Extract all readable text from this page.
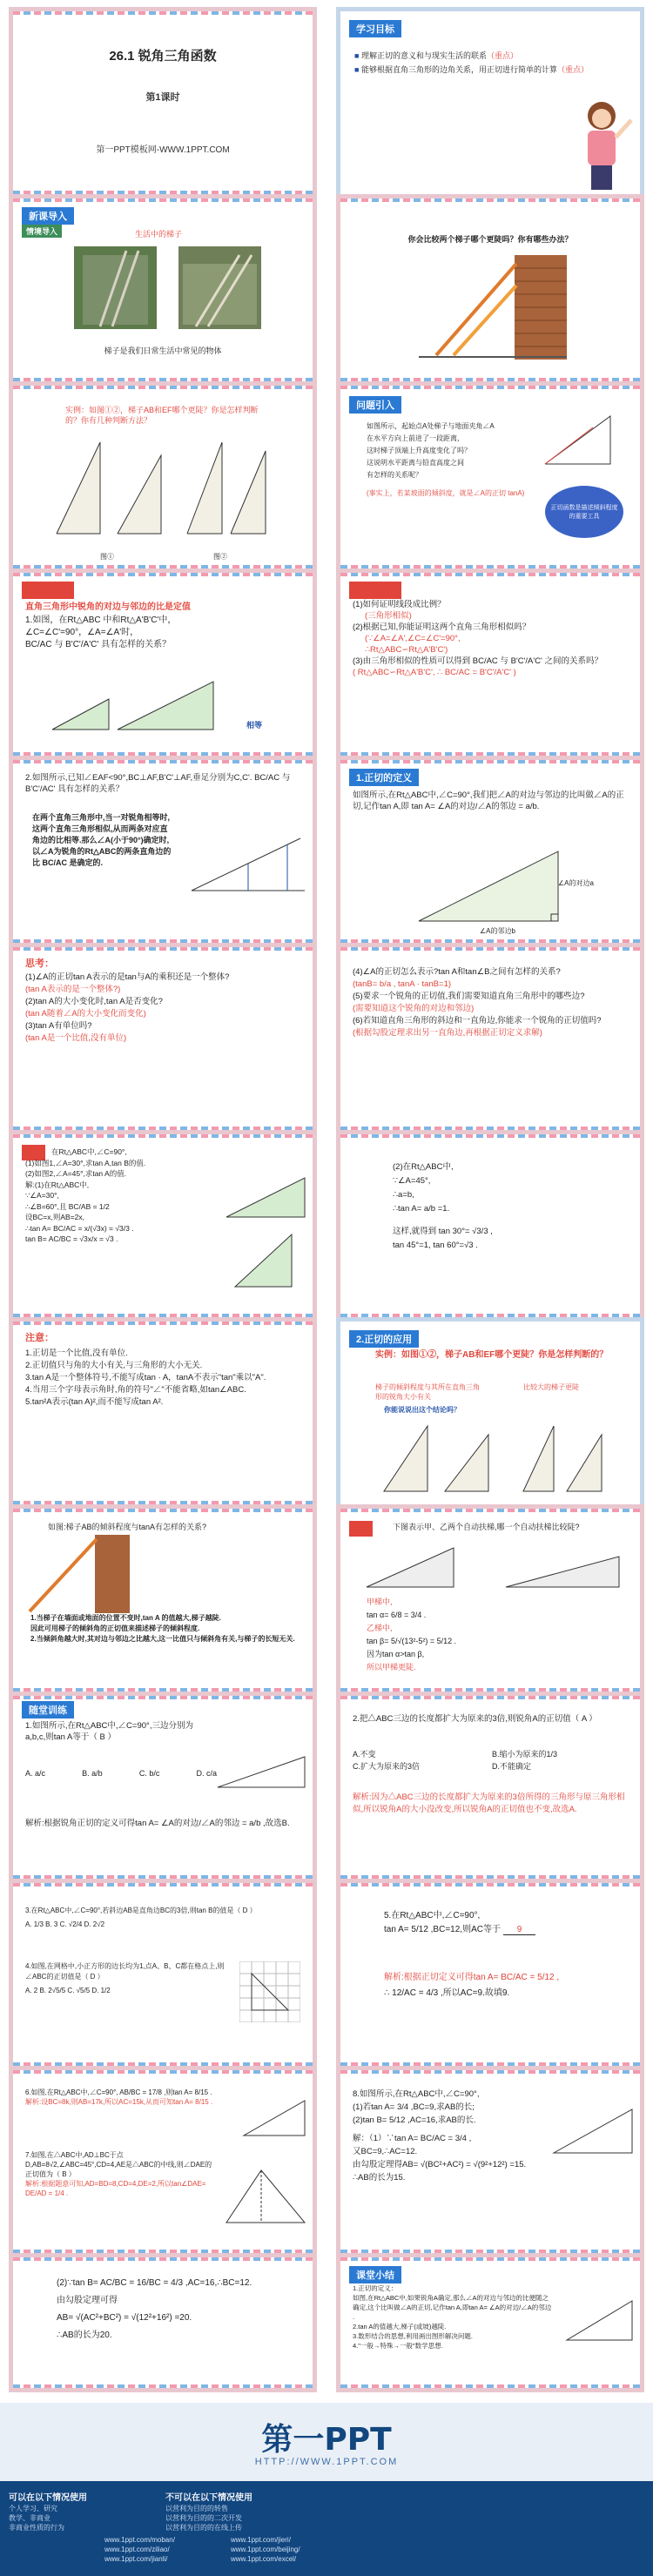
26.1 锐角三角函数
第1课时
第一PPT模板网-WWW.1PPT.COM
学习目标
■ 理解正切的意义和与现实生活的联系（重点）
■ 能够根据直角三角形的边角关系，用正切进行简单的计算（重点）
新课导入
情境导入	生活中的梯子
梯子是我们日常生活中常见的物体
你会比较两个梯子哪个更陡吗？你有哪些办法？
实例：如图①②，梯子AB和EF哪个更陡？你是怎样判断的？你有几种判断方法？
图①	图②
问题引入
如图所示，起始点A处梯子与地面夹角∠A
在水平方向上前进了一段距离，
这时梯子顶端上升高度变化了吗？
这说明水平距离与铅直高度之间
有怎样的关系呢？
(事实上，若某坡面的倾斜度，就是∠A的正切 tanA)
正切函数是描述倾斜程度的重要工具
知识讲解
直角三角形中锐角的对边与邻边的比是定值
1.如图，在Rt△ABC 中和Rt△A'B'C'中，
∠C=∠C'=90°，∠A=∠A'时，
BC/AC 与 B'C'/A'C' 具有怎样的关系？
相等
引导思考
(1)如何证明线段成比例？
(三角形相似)
(2)根据已知,你能证明这两个直角三角形相似吗？
(∵∠A=∠A',∠C=∠C'=90°,
∴Rt△ABC∽Rt△A'B'C')
(3)由三角形相似的性质可以得到 BC/AC 与 B'C'/A'C' 之间的关系吗？
( Rt△ABC∽Rt△A'B'C', ∴ BC/AC = B'C'/A'C' )
2.如图所示,已知∠EAF<90°,BC⊥AF,B'C'⊥AF,垂足分别为C,C'. BC/AC 与 B'C'/AC' 具有怎样的关系？
在两个直角三角形中,当一对锐角相等时,这两个直角三角形相似,从而两条对应直角边的比相等.那么∠A(小于90°)确定时,以∠A为锐角的Rt△ABC的两条直角边的比 BC/AC 是确定的.
1.正切的定义
如图所示,在Rt△ABC中,∠C=90°,我们把∠A的对边与邻边的比叫做∠A的正切,记作tan A,即 tan A= ∠A的对边/∠A的邻边 = a/b.
∠A的对边a
∠A的邻边b
思考：
(1)∠A的正切tan A表示的是tan与A的乘积还是一个整体?
(tan A表示的是一个整体?)
(2)tan A的大小变化时,tan A是否变化?
(tan A随着∠A的大小变化而变化)
(3)tan A有单位吗?
(tan A是一个比值,没有单位)
(4)∠A的正切怎么表示?tan A和tan∠B之间有怎样的关系?
(tanB= b/a , tanA · tanB=1)
(5)要求一个锐角的正切值,我们需要知道直角三角形中的哪些边?
(需要知道这个锐角的对边和邻边)
(6)若知道直角三角形的斜边和一直角边,你能求一个锐角的正切值吗?
(根据勾股定理求出另一直角边,再根据正切定义求解)
例1	在Rt△ABC中,∠C=90°,
(1)如图1,∠A=30°,求tan A,tan B的值.
(2)如图2,∠A=45°,求tan A的值.
解:(1)在Rt△ABC中,
∵∠A=30°,
∴∠B=60°,且 BC/AB = 1/2
设BC=x,则AB=2x,
∴tan A= BC/AC = x/(√3x) = √3/3 .
tan B= AC/BC = √3x/x = √3 .
(2)在Rt△ABC中,
∵∠A=45°,
∴a=b,
∴tan A= a/b =1.
这样,就得到 tan 30°= √3/3 ,
tan 45°=1, tan 60°=√3 .
注意：
1.正切是一个比值,没有单位.
2.正切值只与角的大小有关,与三角形的大小无关.
3.tan A是一个整体符号,不能写成tan · A，tanA不表示"tan"乘以"A".
4.当用三个字母表示角时,角的符号"∠"不能省略,如tan∠ABC.
5.tan²A表示(tan A)²,而不能写成tan A².
2.正切的应用
实例：如图①②，梯子AB和EF哪个更陡？你是怎样判断的？
梯子的倾斜程度与其所在直角三角形的锐角大小有关
比较大的梯子更陡
你能说说出这个结论吗？
如图:梯子AB的倾斜程度与tanA有怎样的关系?
1.当梯子在墙面或地面的位置不变时,tan A 的值越大,梯子越陡.
因此可用梯子的倾斜角的正切值来描述梯子的倾斜程度.
2.当倾斜角越大时,其对边与邻边之比越大,这一比值只与倾斜角有关,与梯子的长短无关.
例2	下图表示甲、乙两个自动扶梯,哪一个自动扶梯比较陡?
甲梯中,
tan α= 6/8 = 3/4 .
乙梯中,
tan β= 5/√(13²-5²) = 5/12 .
因为tan α>tan β,
所以甲梯更陡.
随堂训练
1.如图所示,在Rt△ABC中,∠C=90°,三边分别为a,b,c,则tan A等于（ B ）
A. a/c	B. a/b	C. b/c	D. c/a
解析:根据锐角正切的定义可得tan A= ∠A的对边/∠A的邻边 = a/b ,故选B.
2.把△ABC三边的长度都扩大为原来的3倍,则锐角A的正切值（ A ）
A.不变	B.缩小为原来的1/3
C.扩大为原来的3倍	D.不能确定
解析:因为△ABC三边的长度都扩大为原来的3倍所得的三角形与原三角形相似,所以锐角A的大小没改变,所以锐角A的正切值也不变,故选A.
3.在Rt△ABC中,∠C=90°,若斜边AB是直角边BC的3倍,则tan B的值是（ D ）
A. 1/3 B. 3 C. √2/4 D. 2√2
4.如图,在网格中,小正方形的边长均为1,点A、B、C都在格点上,则∠ABC的正切值是（ D ）
A. 2 B. 2√5/5 C. √5/5 D. 1/2
5.在Rt△ABC中,∠C=90°,
tan A= 5/12 ,BC=12,则AC等于 9
解析:根据正切定义可得tan A= BC/AC = 5/12 ,
∴ 12/AC = 4/3 ,所以AC=9.故填9.
6.如图,在Rt△ABC中,∠C=90°, AB/BC = 17/8 ,则tan A= 8/15 .
解析:设BC=8k,则AB=17k,所以AC=15k,从而可知tan A= 8/15 .
7.如图,在△ABC中,AD⊥BC于点D,AB=8√2,∠ABC=45°,CD=4,AE是△ABC的中线,则∠DAE的正切值为（ B ）
解析:根据题意可知,AD=BD=8,CD=4,DE=2,所以tan∠DAE= DE/AD = 1/4 .
8.如图所示,在Rt△ABC中,∠C=90°,
(1)若tan A= 3/4 ,BC=9,求AB的长;
(2)tan B= 5/12 ,AC=16,求AB的长.
解：（1）∵tan A= BC/AC = 3/4 ,
又BC=9,∴AC=12.
由勾股定理得AB= √(BC²+AC²) = √(9²+12²) =15.
∴AB的长为15.
(2)∵tan B= AC/BC = 16/BC = 4/3 ,AC=16,∴BC=12.
由勾股定理可得
AB= √(AC²+BC²) = √(12²+16²) =20.
∴AB的长为20.
课堂小结
1.正切的定义：
如图,在Rt△ABC中,如果锐角A确定,那么∠A的对边与邻边的比便随之确定,这个比叫做∠A的正切,记作tan A,即tan A= ∠A的对边/∠A的邻边 .
2.tan A的值越大,梯子(或坡)越陡.
3.数形结合的思想,利用画出图形解决问题.
4."一般→特殊→一般"数学思想.
第一PPT
HTTP://WWW.1PPT.COM
可以在以下情况使用	不可以在以下情况使用
个人学习、研究
教学、非商业
非商业性质的行为
以营利为目的的转售
以营利为目的的二次开发
以营利为目的的在线上传
www.1ppt.com/moban/	www.1ppt.com/jieri/
www.1ppt.com/ziliao/	www.1ppt.com/beijing/
www.1ppt.com/jianli/	www.1ppt.com/excel/
